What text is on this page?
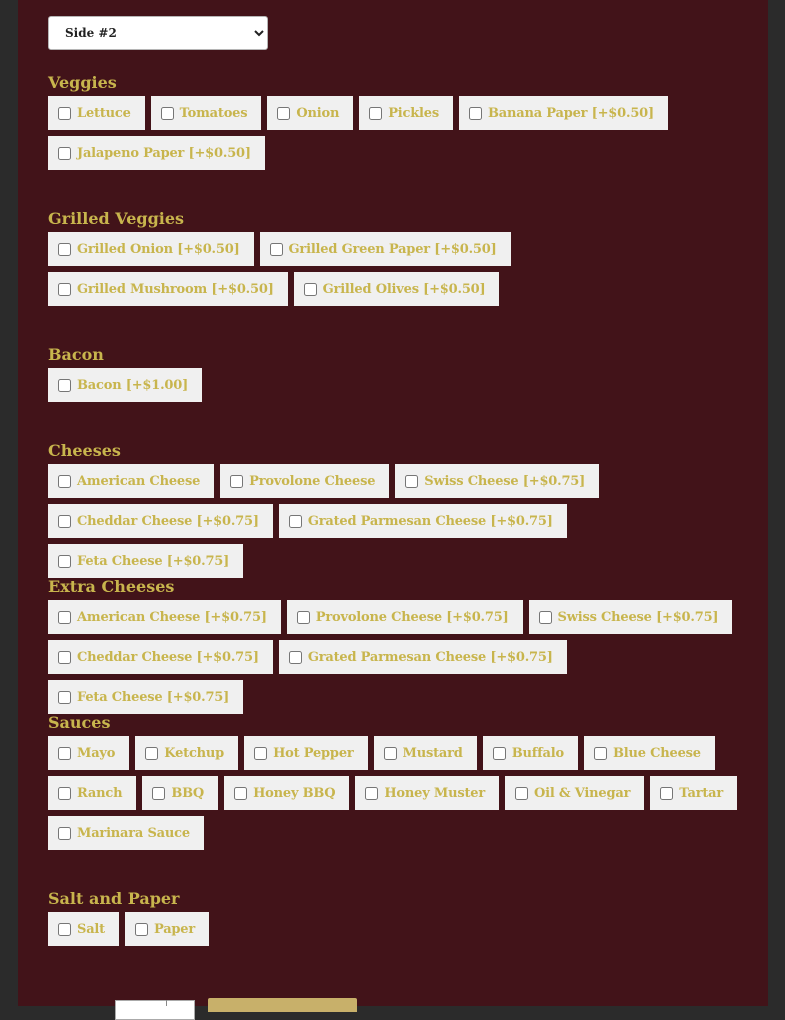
Side #2
Veggies
Lettuce	Tomatoes	Onion	Pickles	Banana Paper [+$0.50]
Jalapeno Paper [+$0.50]
Grilled Veggies
Grilled Onion [+$0.50]	Grilled Green Paper [+$0.50]
Grilled Mushroom [+$0.50]	Grilled Olives [+$0.50]
Bacon
Bacon [+$1.00]
Cheeses
American Cheese	Provolone Cheese	Swiss Cheese [+$0.75]
Cheddar Cheese [+$0.75]	Grated Parmesan Cheese [+$0.75]
Feta Cheese [+$0.75]
Extra Cheeses
American Cheese [+$0.75]	Provolone Cheese [+$0.75]	Swiss Cheese [+$0.75]
Cheddar Cheese [+$0.75]	Grated Parmesan Cheese [+$0.75]
Feta Cheese [+$0.75]
Sauces
Mayo	Ketchup	Hot Pepper	Mustard	Buffalo	Blue Cheese
Ranch	BBQ	Honey BBQ	Honey Muster	Oil & Vinegar	Tartar
Marinara Sauce
Salt and Paper
Salt	Paper
